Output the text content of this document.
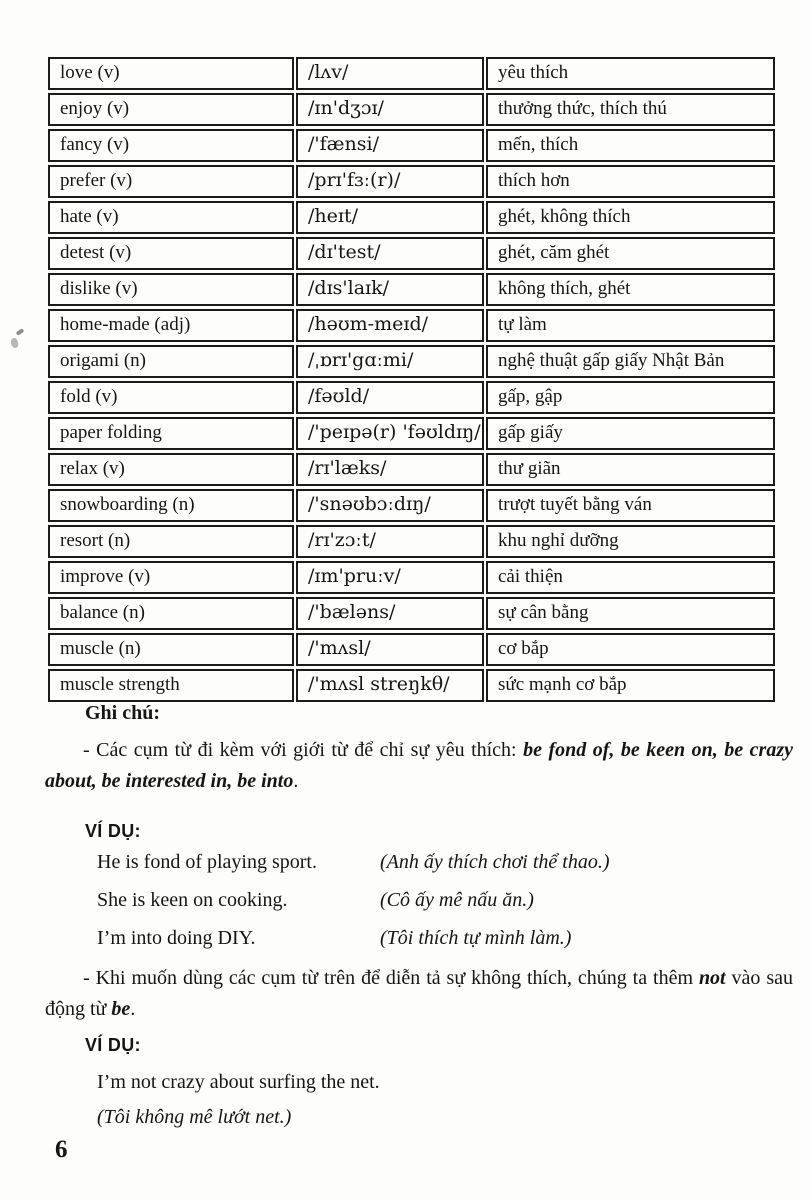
love (v)	/lʌv/	yêu thích
enjoy (v)	/ɪn'dʒɔɪ/	thưởng thức, thích thú
fancy (v)	/'fænsi/	mến, thích
prefer (v)	/prɪ'fɜː(r)/	thích hơn
hate (v)	/heɪt/	ghét, không thích
detest (v)	/dɪ'test/	ghét, căm ghét
dislike (v)	/dɪs'laɪk/	không thích, ghét
home-made (adj)	/həʊm-meɪd/	tự làm
origami (n)	/ˌɒrɪ'gɑːmi/	nghệ thuật gấp giấy Nhật Bản
fold (v)	/fəʊld/	gấp, gập
paper folding	/'peɪpə(r) 'fəʊldɪŋ/	gấp giấy
relax (v)	/rɪ'læks/	thư giãn
snowboarding (n)	/'snəʊbɔːdɪŋ/	trượt tuyết bằng ván
resort (n)	/rɪ'zɔːt/	khu nghỉ dưỡng
improve (v)	/ɪm'pruːv/	cải thiện
balance (n)	/'bæləns/	sự cân bằng
muscle (n)	/'mʌsl/	cơ bắp
muscle strength	/'mʌsl streŋkθ/	sức mạnh cơ bắp
Ghi chú:

- Các cụm từ đi kèm với giới từ để chỉ sự yêu thích: be fond of, be keen on, be crazy about, be interested in, be into.

VÍ DỤ:
He is fond of playing sport.	(Anh ấy thích chơi thể thao.)
She is keen on cooking.	(Cô ấy mê nấu ăn.)
I’m into doing DIY.	(Tôi thích tự mình làm.)

- Khi muốn dùng các cụm từ trên để diễn tả sự không thích, chúng ta thêm not vào sau động từ be.

VÍ DỤ:

I’m not crazy about surfing the net.

(Tôi không mê lướt net.)

6
